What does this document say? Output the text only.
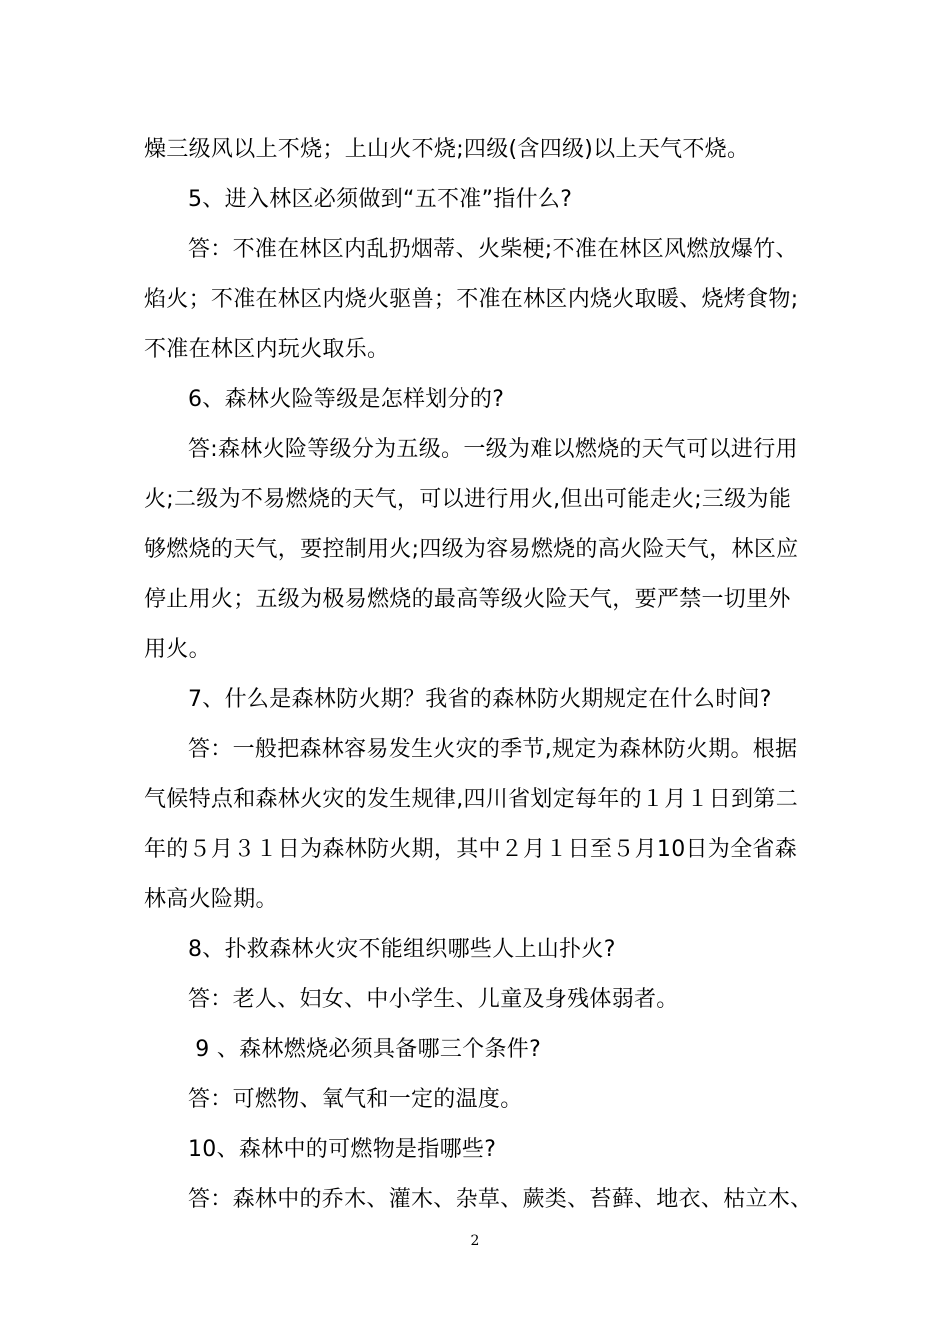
燥三级风以上不烧；上山火不烧;四级(含四级)以上天气不烧。
5、进入林区必须做到“五不准”指什么?
答：不准在林区内乱扔烟蒂、火柴梗;不准在林区风燃放爆竹、
焰火；不准在林区内烧火驱兽；不准在林区内烧火取暖、烧烤食物;
不准在林区内玩火取乐。
6、森林火险等级是怎样划分的?
答:森林火险等级分为五级。一级为难以燃烧的天气可以进行用
火;二级为不易燃烧的天气，可以进行用火,但出可能走火;三级为能
够燃烧的天气，要控制用火;四级为容易燃烧的高火险天气，林区应
停止用火；五级为极易燃烧的最高等级火险天气，要严禁一切里外
用火。
7、什么是森林防火期？我省的森林防火期规定在什么时间?
答：一般把森林容易发生火灾的季节,规定为森林防火期。根据
气候特点和森林火灾的发生规律,四川省划定每年的１月１日到第二
年的５月３１日为森林防火期，其中２月１日至５月10日为全省森
林高火险期。
8、扑救森林火灾不能组织哪些人上山扑火?
答：老人、妇女、中小学生、儿童及身残体弱者。
9 、森林燃烧必须具备哪三个条件?
答：可燃物、氧气和一定的温度。
10、森林中的可燃物是指哪些?
答：森林中的乔木、灌木、杂草、蕨类、苔藓、地衣、枯立木、
2
